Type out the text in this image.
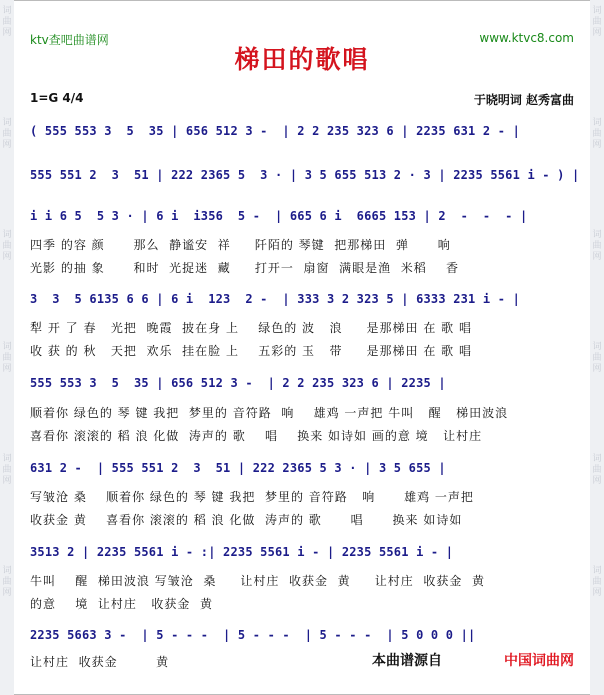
词曲网
词曲网
词曲网
词曲网
词曲网
词曲网
词曲网
词曲网
词曲网
词曲网
词曲网
词曲网
ktv查吧曲谱网	www.ktvc8.com
梯田的歌唱
1=G 4/4	于晓明词 赵秀富曲
( 555 553 3  5  35 | 656 512 3 -  | 2 2 235 323 6 | 2235 631 2 - |
555 551 2  3  51 | 222 2365 5  3 · | 3 5 655 513 2 · 3 | 2235 5561 i - ) |
i i 6 5  5 3 · | 6 i  i356  5 -  | 665 6 i  6665 153 | 2  -  -  - |
四季 的容 颜      那么  静谧安  祥     阡陌的 琴键  把那梯田  弹      响
光影 的抽 象      和时  光捉迷  藏     打开一  扇窗  满眼是渔  米稻    香
3  3  5 6135 6 6 | 6 i  123  2 -  | 333 3 2 323 5 | 6333 231 i - |
犁 开 了 春   光把  晚霞  披在身 上    绿色的 波   浪     是那梯田 在 歌 唱
收 获 的 秋   天把  欢乐  挂在脸 上    五彩的 玉   带     是那梯田 在 歌 唱
555 553 3  5  35 | 656 512 3 -  | 2 2 235 323 6 | 2235 |
顺着你 绿色的 琴 键 我把  梦里的 音符路  响    雄鸡 一声把 牛叫   醒   梯田波浪
喜看你 滚滚的 稻 浪 化做  涛声的 歌    唱    换来 如诗如 画的意 境   让村庄
631 2 -  | 555 551 2  3  51 | 222 2365 5 3 · | 3 5 655 |
写皱沧 桑    顺着你 绿色的 琴 键 我把  梦里的 音符路   响      雄鸡 一声把
收获金 黄    喜看你 滚滚的 稻 浪 化做  涛声的 歌      唱      换来 如诗如
3513 2 | 2235 5561 i - :| 2235 5561 i - | 2235 5561 i - |
牛叫    醒  梯田波浪 写皱沧  桑     让村庄  收获金  黄     让村庄  收获金  黄
的意    境  让村庄   收获金  黄
2235 5663 3 -  | 5 - - -  | 5 - - -  | 5 - - -  | 5 0 0 0 ||
让村庄  收获金        黄	本曲谱源自	中国词曲网
